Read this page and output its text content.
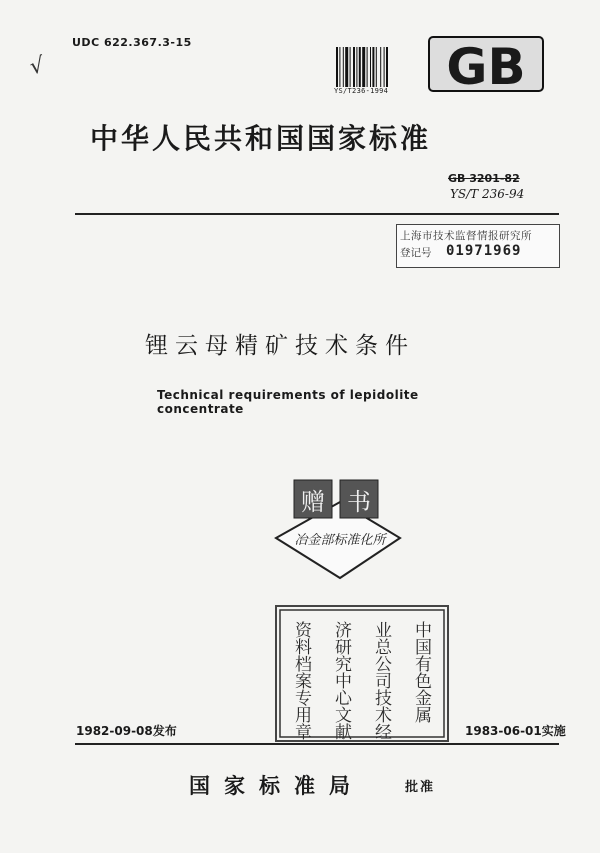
UDC 622.367.3-15
√
YS/T236-1994 GB
中华人民共和国国家标准
GB 3201-82
YS/T 236-94
上海市技术监督情报研究所
登记号 01971969
锂云母精矿技术条件
Technical requirements of lepidolite concentrate
赠 书
冶金部标准化所
中国有色金属
业总公司技术经
济研究中心文献
资料档案专用章
1982-09-08发布	1983-06-01实施
国家标准局	批准
